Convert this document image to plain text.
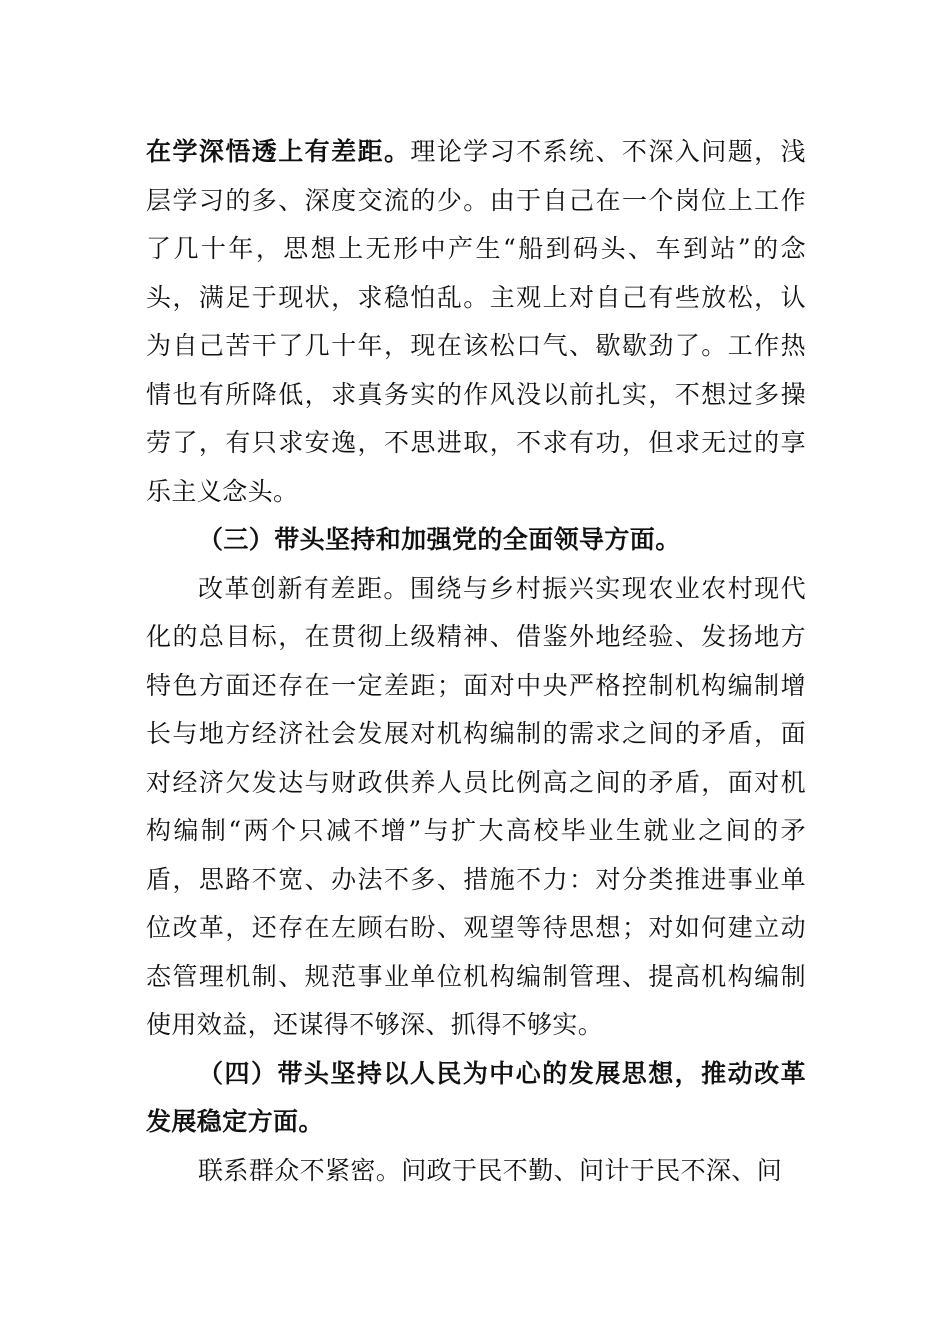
在学深悟透上有差距。理论学习不系统、不深入问题，浅层学习的多、深度交流的少。由于自己在一个岗位上工作了几十年，思想上无形中产生“船到码头、车到站”的念头，满足于现状，求稳怕乱。主观上对自己有些放松，认为自己苦干了几十年，现在该松口气、歇歇劲了。工作热情也有所降低，求真务实的作风没以前扎实，不想过多操劳了，有只求安逸，不思进取，不求有功，但求无过的享乐主义念头。

（三）带头坚持和加强党的全面领导方面。

改革创新有差距。围绕与乡村振兴实现农业农村现代化的总目标，在贯彻上级精神、借鉴外地经验、发扬地方特色方面还存在一定差距；面对中央严格控制机构编制增长与地方经济社会发展对机构编制的需求之间的矛盾，面对经济欠发达与财政供养人员比例高之间的矛盾，面对机构编制“两个只减不增”与扩大高校毕业生就业之间的矛盾，思路不宽、办法不多、措施不力：对分类推进事业单位改革，还存在左顾右盼、观望等待思想；对如何建立动态管理机制、规范事业单位机构编制管理、提高机构编制使用效益，还谋得不够深、抓得不够实。

（四）带头坚持以人民为中心的发展思想，推动改革发展稳定方面。

联系群众不紧密。问政于民不勤、问计于民不深、问
